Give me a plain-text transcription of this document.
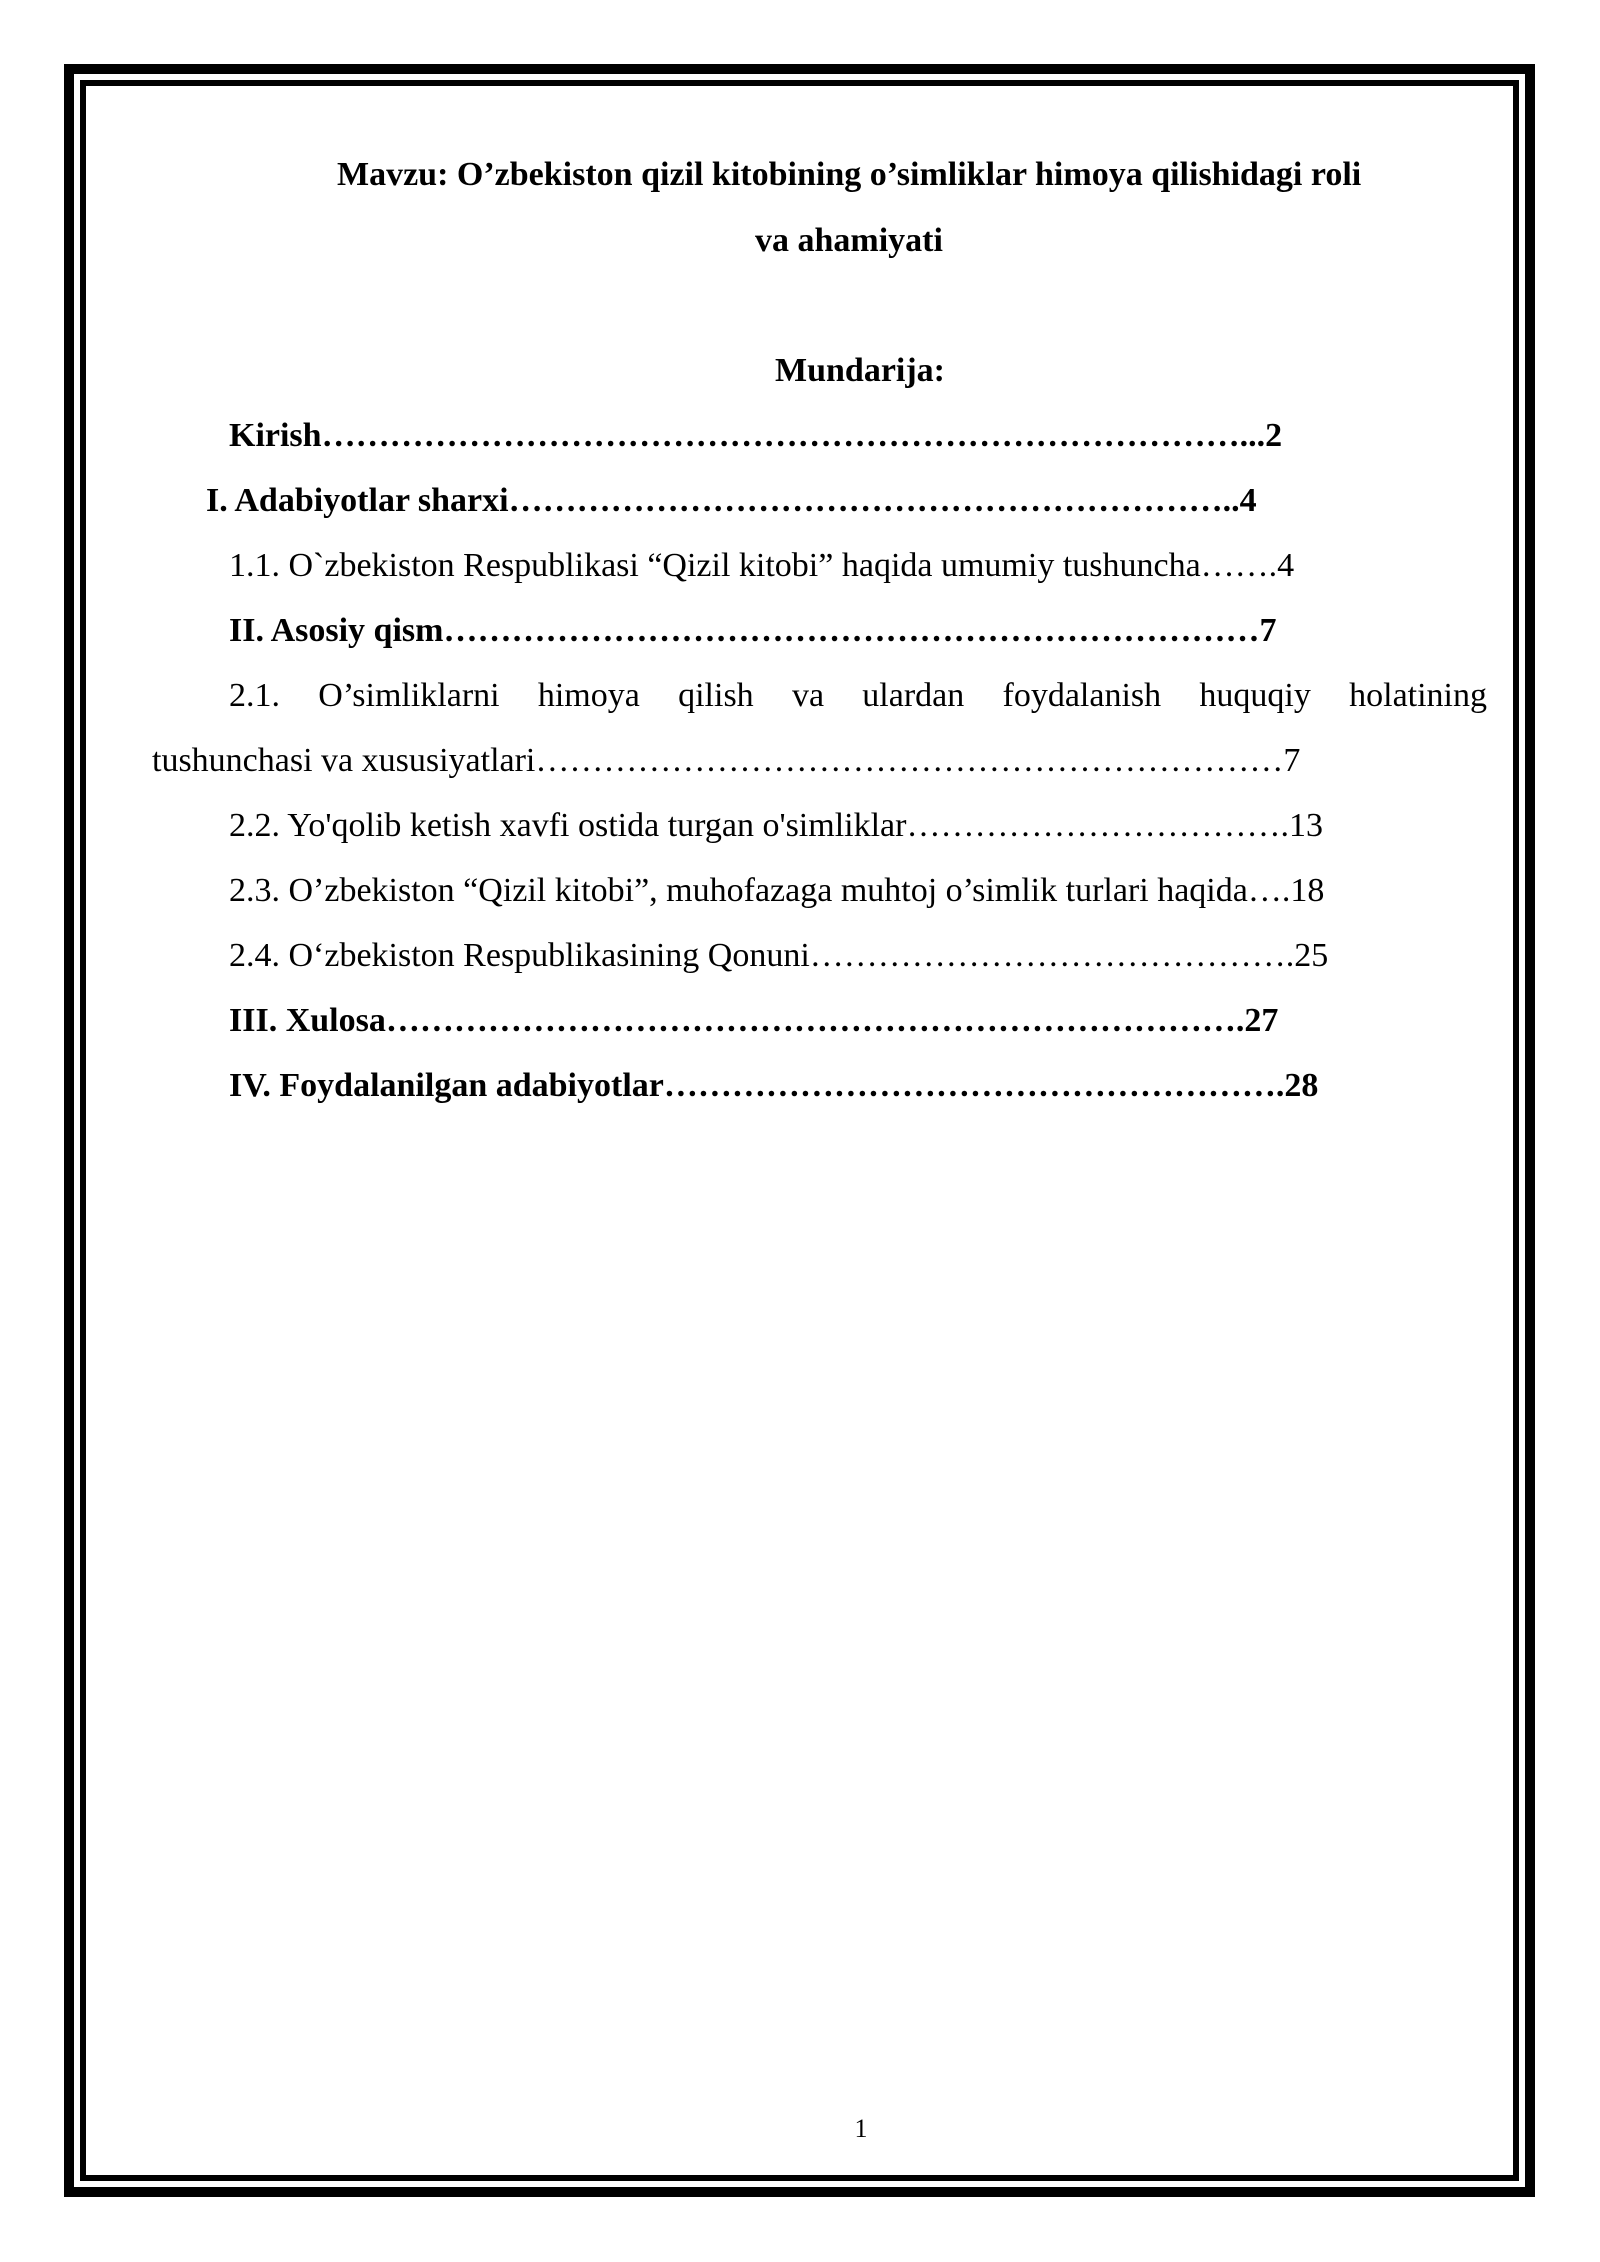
Mavzu: O’zbekiston qizil kitobining o’simliklar himoya qilishidagi roli
va ahamiyati
Mundarija:
Kirish………………………………………………………………………...2
I. Adabiyotlar sharxi………………………………………………………..4
1.1. O`zbekiston Respublikasi “Qizil kitobi” haqida umumiy tushuncha…….4
II. Asosiy qism………………………………………………………………7
2.1. O’simliklarni himoya qilish va ulardan foydalanish huquqiy holatining
tushunchasi va xususiyatlari…………………………………………………………7
2.2. Yo'qolib ketish xavfi ostida turgan o'simliklar…………………………….13
2.3. O’zbekiston “Qizil kitobi”, muhofazaga muhtoj o’simlik turlari haqida….18
2.4. O‘zbekiston Respublikasining Qonuni…………………………………….25
III. Xulosa………………………………………………………………….27
IV. Foydalanilgan adabiyotlar……………………………………………….28
1
